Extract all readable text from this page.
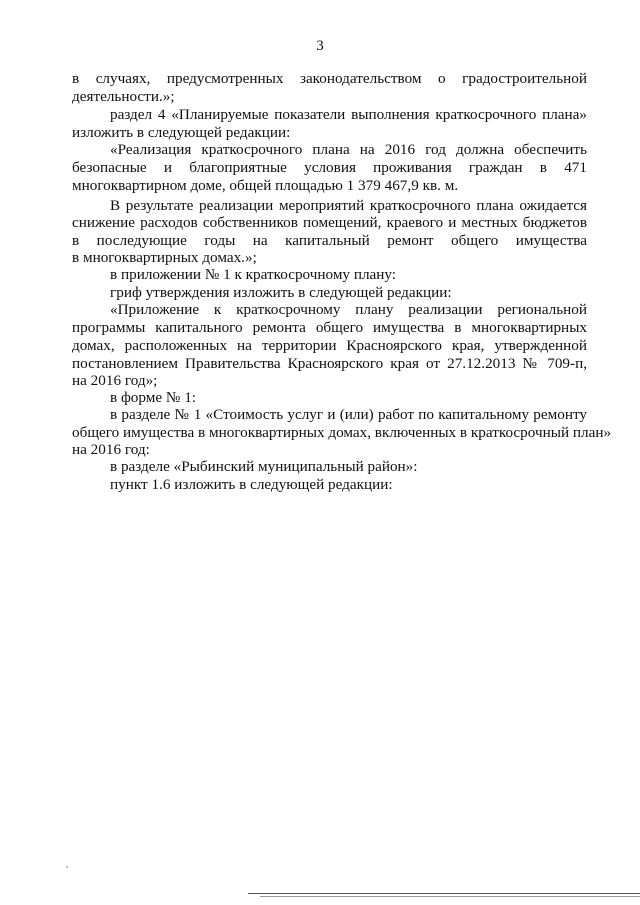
3
в случаях, предусмотренных законодательством о градостроительной
деятельности.»;
раздел 4 «Планируемые показатели выполнения краткосрочного плана»
изложить в следующей редакции:
«Реализация краткосрочного плана на 2016 год должна обеспечить
безопасные и благоприятные условия проживания граждан в 471
многоквартирном доме, общей площадью 1 379 467,9 кв. м.
В результате реализации мероприятий краткосрочного плана ожидается
снижение расходов собственников помещений, краевого и местных бюджетов
в последующие годы на капитальный ремонт общего имущества
в многоквартирных домах.»;
в приложении № 1 к краткосрочному плану:
гриф утверждения изложить в следующей редакции:
«Приложение к краткосрочному плану реализации региональной
программы капитального ремонта общего имущества в многоквартирных
домах, расположенных на территории Красноярского края, утвержденной
постановлением Правительства Красноярского края от 27.12.2013 № 709-п,
на 2016 год»;
в форме № 1:
в разделе № 1 «Стоимость услуг и (или) работ по капитальному ремонту
общего имущества в многоквартирных домах, включенных в краткосрочный план»
на 2016 год:
в разделе «Рыбинский муниципальный район»:
пункт 1.6 изложить в следующей редакции:
